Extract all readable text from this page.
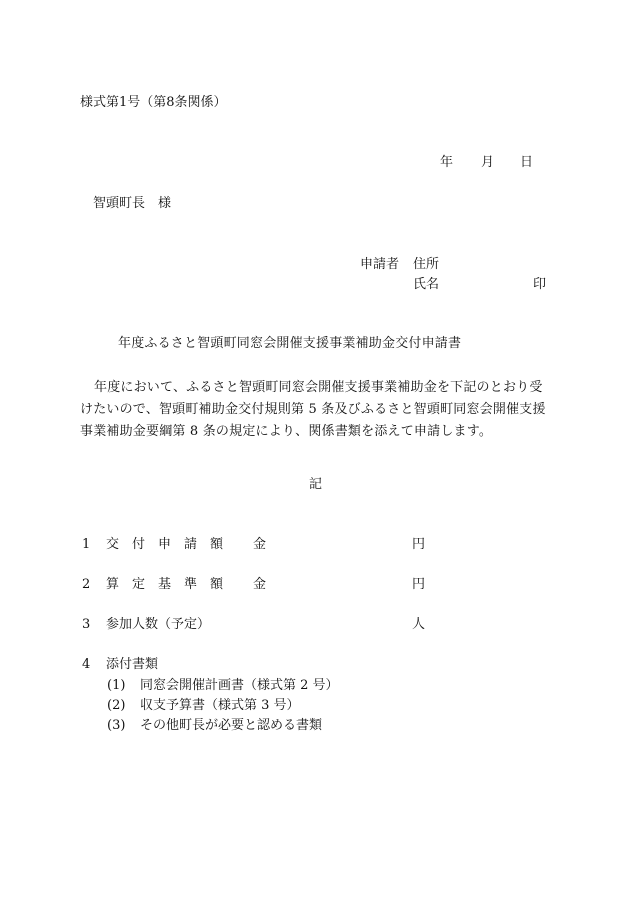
様式第1号（第8条関係）
年 月 日
智頭町長　様
申請者 住所
氏名	印
年度ふるさと智頭町同窓会開催支援事業補助金交付申請書
年度において、ふるさと智頭町同窓会開催支援事業補助金を下記のとおり受けたいので、智頭町補助金交付規則第 5 条及びふるさと智頭町同窓会開催支援事業補助金要綱第 8 条の規定により、関係書類を添えて申請します。
記
1 交　付　申　請　額 金	円
2 算　定　基　準　額 金	円
3 参加人数（予定）	人
4 添付書類
(1) 同窓会開催計画書（様式第 2 号）
(2) 収支予算書（様式第 3 号）
(3) その他町長が必要と認める書類
